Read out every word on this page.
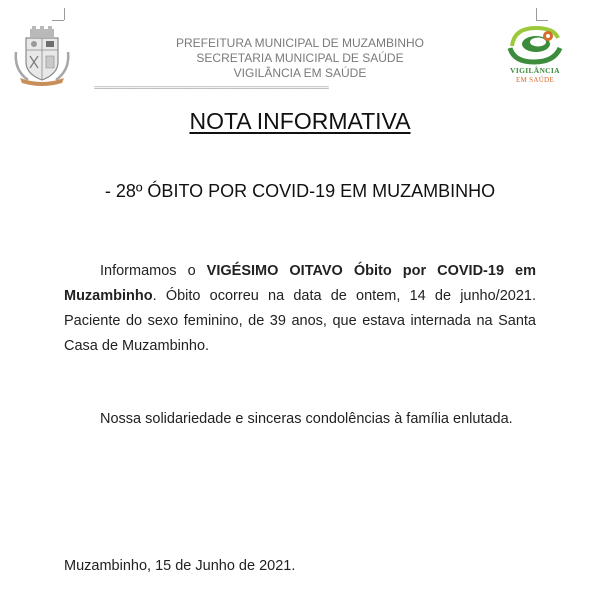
PREFEITURA MUNICIPAL DE MUZAMBINHO
SECRETARIA MUNICIPAL DE SAÚDE
VIGILÂNCIA EM SAÚDE	VIGILÂNCIA
EM SAÚDE
================================================================
NOTA INFORMATIVA
- 28º ÓBITO POR COVID-19 EM MUZAMBINHO
Informamos o VIGÉSIMO OITAVO Óbito por COVID-19 em Muzambinho. Óbito ocorreu na data de ontem, 14 de junho/2021. Paciente do sexo feminino, de 39 anos, que estava internada na Santa Casa de Muzambinho.
Nossa solidariedade e sinceras condolências à família enlutada.
Muzambinho, 15 de Junho de 2021.
